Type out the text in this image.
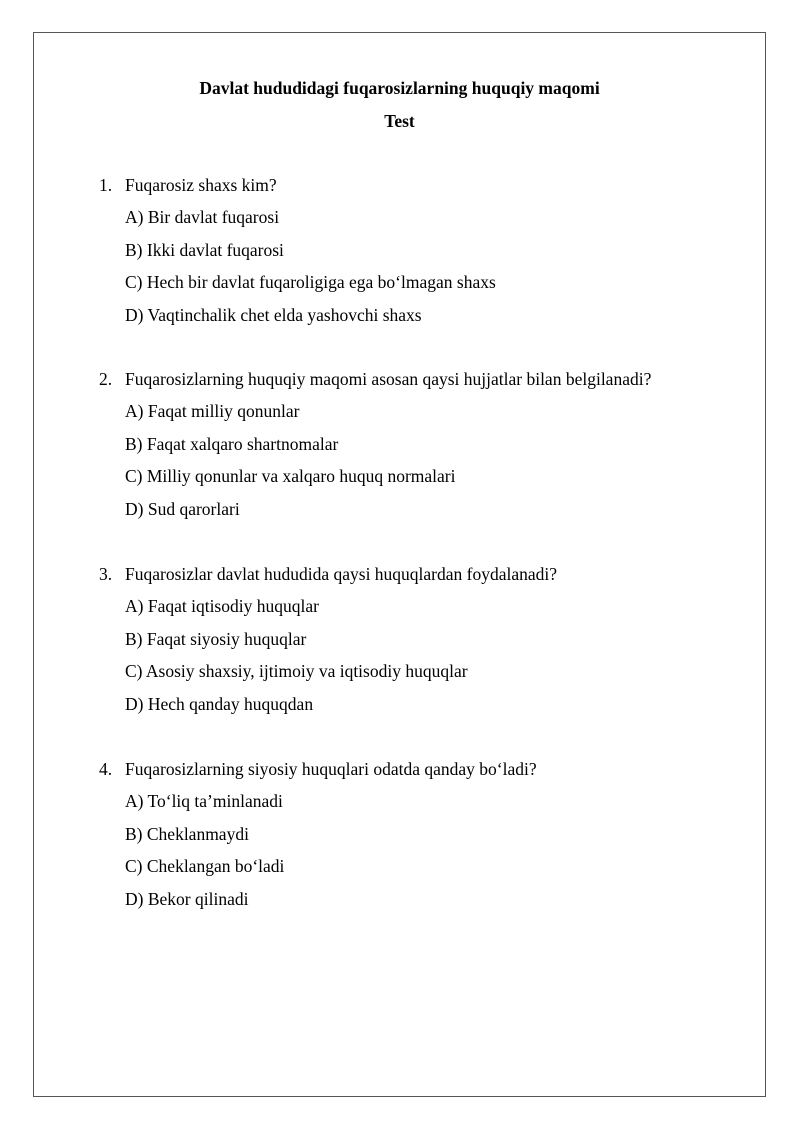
Davlat hududidagi fuqarosizlarning huquqiy maqomi
Test
1. Fuqarosiz shaxs kim?
A) Bir davlat fuqarosi
B) Ikki davlat fuqarosi
C) Hech bir davlat fuqaroligiga ega bo‘lmagan shaxs
D) Vaqtinchalik chet elda yashovchi shaxs
2. Fuqarosizlarning huquqiy maqomi asosan qaysi hujjatlar bilan belgilanadi?
A) Faqat milliy qonunlar
B) Faqat xalqaro shartnomalar
C) Milliy qonunlar va xalqaro huquq normalari
D) Sud qarorlari
3. Fuqarosizlar davlat hududida qaysi huquqlardan foydalanadi?
A) Faqat iqtisodiy huquqlar
B) Faqat siyosiy huquqlar
C) Asosiy shaxsiy, ijtimoiy va iqtisodiy huquqlar
D) Hech qanday huquqdan
4. Fuqarosizlarning siyosiy huquqlari odatda qanday bo‘ladi?
A) To‘liq ta’minlanadi
B) Cheklanmaydi
C) Cheklangan bo‘ladi
D) Bekor qilinadi
